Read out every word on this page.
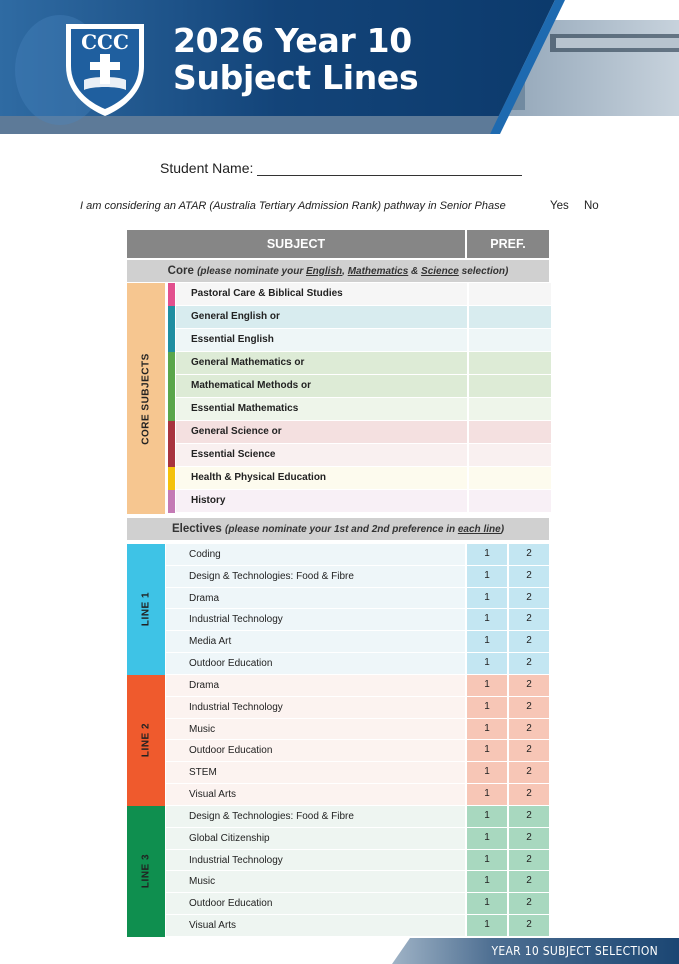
CCC 2026 Year 10
Subject Lines
Student Name:
I am considering an ATAR (Australia Tertiary Admission Rank) pathway in Senior Phase	Yes No
SUBJECT	PREF.
Core (please nominate your English, Mathematics & Science selection)
CORE SUBJECTS
Pastoral Care & Biblical Studies
General English or
Essential English
General Mathematics or
Mathematical Methods or
Essential Mathematics
General Science or
Essential Science
Health & Physical Education
History
Electives (please nominate your 1st and 2nd preference in each line)
LINE 1
Coding	1	2
Design & Technologies: Food & Fibre	1	2
Drama	1	2
Industrial Technology	1	2
Media Art	1	2
Outdoor Education	1	2
LINE 2
Drama	1	2
Industrial Technology	1	2
Music	1	2
Outdoor Education	1	2
STEM	1	2
Visual Arts	1	2
LINE 3
Design & Technologies: Food & Fibre	1	2
Global Citizenship	1	2
Industrial Technology	1	2
Music	1	2
Outdoor Education	1	2
Visual Arts	1	2
YEAR 10 SUBJECT SELECTION
